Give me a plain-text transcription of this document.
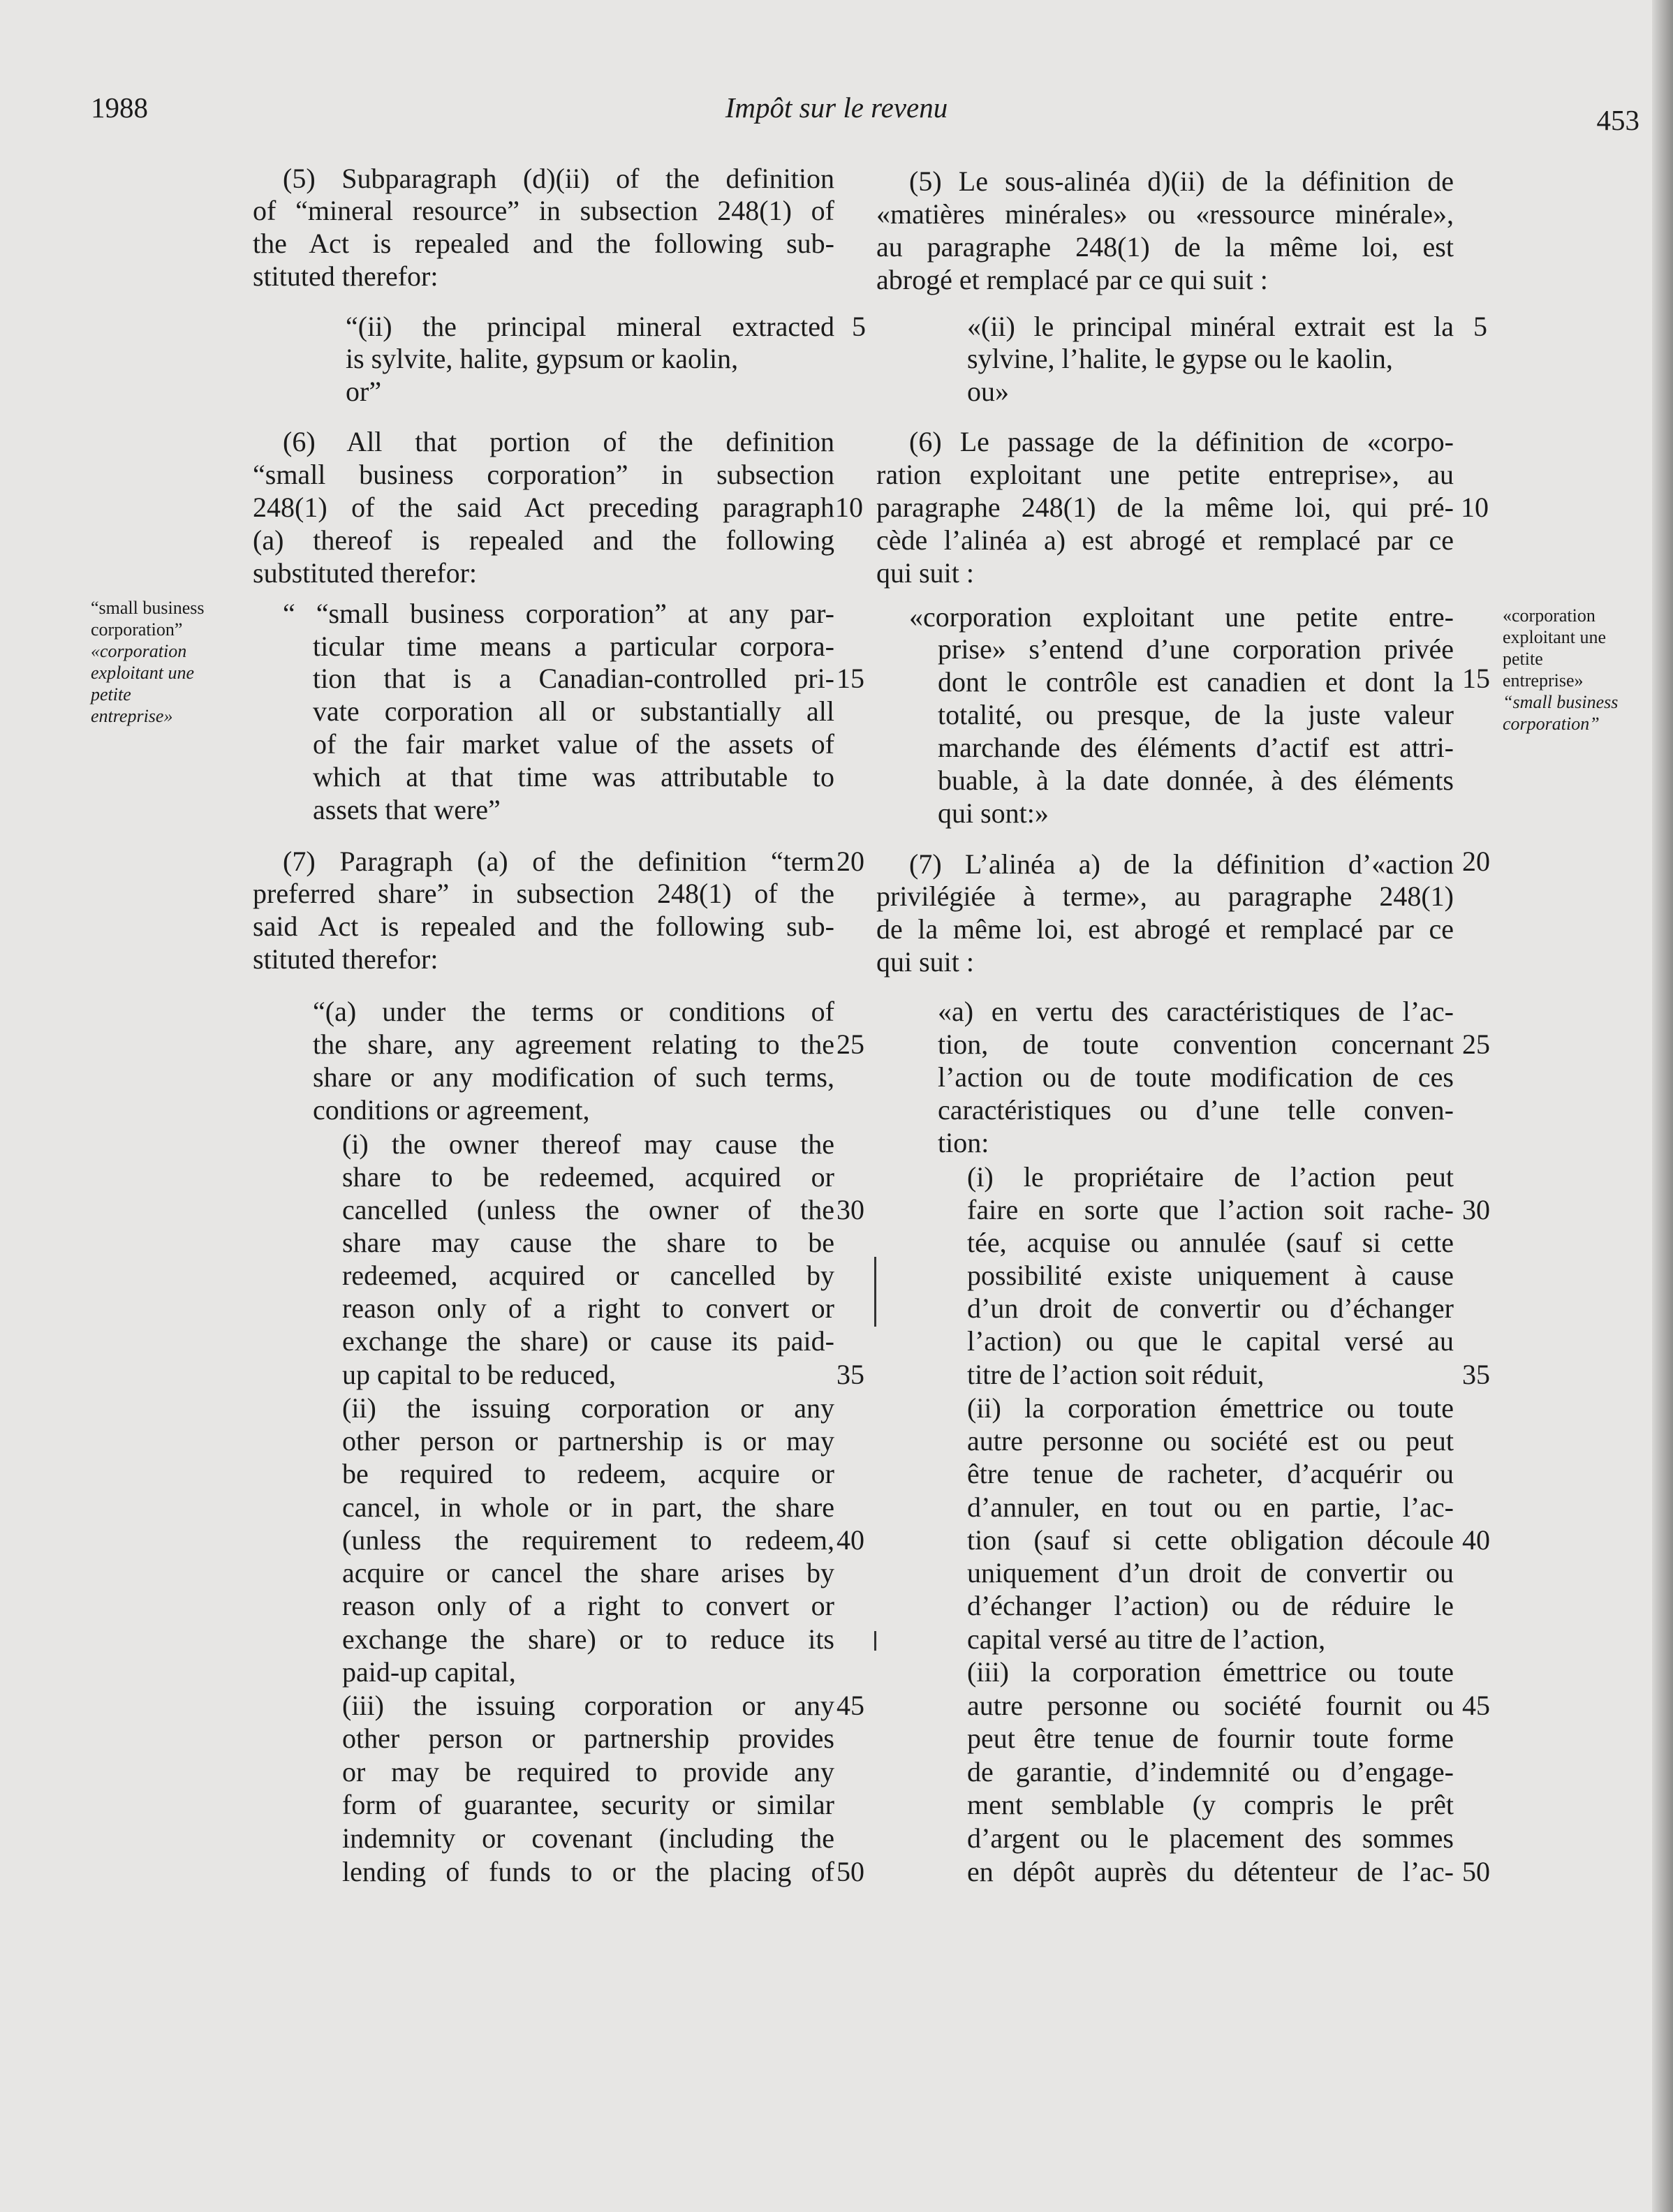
1988	Impôt sur le revenu	453
“small business
corporation”
«corporation
exploitant une
petite
entreprise»
«corporation
exploitant une
petite
entreprise»
“small business
corporation”
5
10
15
20
25
30
35
40
45
50
5
10
15
20
25
30
35
40
45
50
(5) Subparagraph (d)(ii) of the definition
of “mineral resource” in subsection 248(1) of
the Act is repealed and the following sub-
stituted therefor:
“(ii) the principal mineral extracted
is sylvite, halite, gypsum or kaolin,
or”
(6) All that portion of the definition
“small business corporation” in subsection
248(1) of the said Act preceding paragraph
(a) thereof is repealed and the following
substituted therefor:
“ “small business corporation” at any par-
ticular time means a particular corpora-
tion that is a Canadian-controlled pri-
vate corporation all or substantially all
of the fair market value of the assets of
which at that time was attributable to
assets that were”
(7) Paragraph (a) of the definition “term
preferred share” in subsection 248(1) of the
said Act is repealed and the following sub-
stituted therefor:
“(a) under the terms or conditions of
the share, any agreement relating to the
share or any modification of such terms,
conditions or agreement,
(i) the owner thereof may cause the
share to be redeemed, acquired or
cancelled (unless the owner of the
share may cause the share to be
redeemed, acquired or cancelled by
reason only of a right to convert or
exchange the share) or cause its paid-
up capital to be reduced,
(ii) the issuing corporation or any
other person or partnership is or may
be required to redeem, acquire or
cancel, in whole or in part, the share
(unless the requirement to redeem,
acquire or cancel the share arises by
reason only of a right to convert or
exchange the share) or to reduce its
paid-up capital,
(iii) the issuing corporation or any
other person or partnership provides
or may be required to provide any
form of guarantee, security or similar
indemnity or covenant (including the
lending of funds to or the placing of
(5) Le sous-alinéa d)(ii) de la définition de
«matières minérales» ou «ressource minérale»,
au paragraphe 248(1) de la même loi, est
abrogé et remplacé par ce qui suit :
«(ii) le principal minéral extrait est la
sylvine, l’halite, le gypse ou le kaolin,
ou»
(6) Le passage de la définition de «corpo-
ration exploitant une petite entreprise», au
paragraphe 248(1) de la même loi, qui pré-
cède l’alinéa a) est abrogé et remplacé par ce
qui suit :
«corporation exploitant une petite entre-
prise» s’entend d’une corporation privée
dont le contrôle est canadien et dont la
totalité, ou presque, de la juste valeur
marchande des éléments d’actif est attri-
buable, à la date donnée, à des éléments
qui sont:»
(7) L’alinéa a) de la définition d’«action
privilégiée à terme», au paragraphe 248(1)
de la même loi, est abrogé et remplacé par ce
qui suit :
«a) en vertu des caractéristiques de l’ac-
tion, de toute convention concernant
l’action ou de toute modification de ces
caractéristiques ou d’une telle conven-
tion:
(i) le propriétaire de l’action peut
faire en sorte que l’action soit rache-
tée, acquise ou annulée (sauf si cette
possibilité existe uniquement à cause
d’un droit de convertir ou d’échanger
l’action) ou que le capital versé au
titre de l’action soit réduit,
(ii) la corporation émettrice ou toute
autre personne ou société est ou peut
être tenue de racheter, d’acquérir ou
d’annuler, en tout ou en partie, l’ac-
tion (sauf si cette obligation découle
uniquement d’un droit de convertir ou
d’échanger l’action) ou de réduire le
capital versé au titre de l’action,
(iii) la corporation émettrice ou toute
autre personne ou société fournit ou
peut être tenue de fournir toute forme
de garantie, d’indemnité ou d’engage-
ment semblable (y compris le prêt
d’argent ou le placement des sommes
en dépôt auprès du détenteur de l’ac-
